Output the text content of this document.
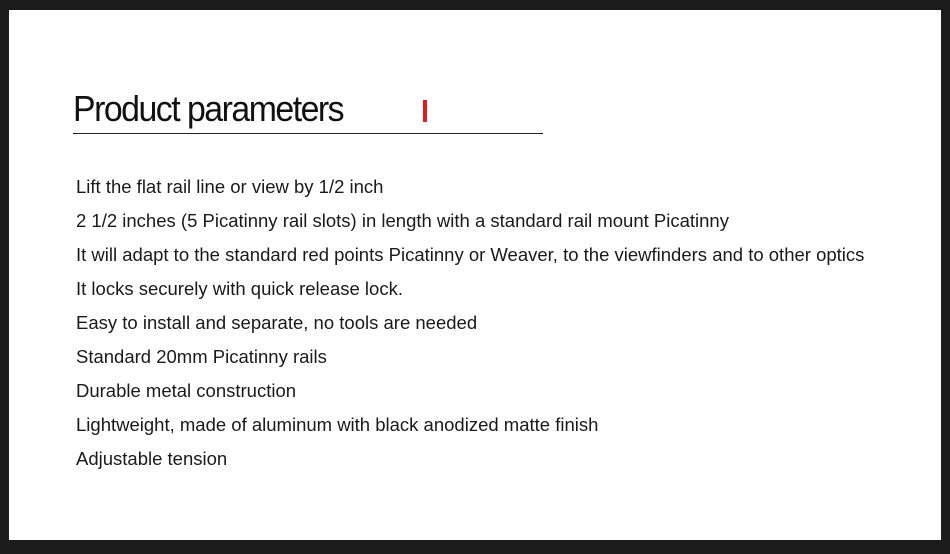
Product parameters
Lift the flat rail line or view by 1/2 inch
2 1/2 inches (5 Picatinny rail slots) in length with a standard rail mount Picatinny
It will adapt to the standard red points Picatinny or Weaver, to the viewfinders and to other optics
It locks securely with quick release lock.
Easy to install and separate, no tools are needed
Standard 20mm Picatinny rails
Durable metal construction
Lightweight, made of aluminum with black anodized matte finish
Adjustable tension
